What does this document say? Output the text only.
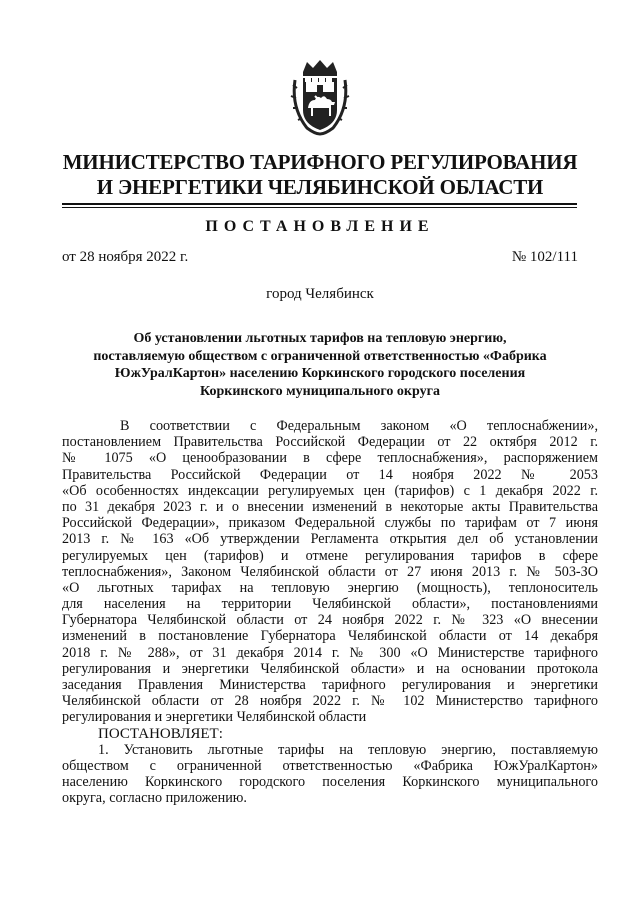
МИНИСТЕРСТВО ТАРИФНОГО РЕГУЛИРОВАНИЯ
И ЭНЕРГЕТИКИ ЧЕЛЯБИНСКОЙ ОБЛАСТИ
ПОСТАНОВЛЕНИЕ
от 28 ноября 2022 г.	№ 102/111
город Челябинск
Об установлении льготных тарифов на тепловую энергию,
поставляемую обществом с ограниченной ответственностью «Фабрика
ЮжУралКартон» населению Коркинского городского поселения
Коркинского муниципального округа
В соответствии с Федеральным законом «О теплоснабжении»,
постановлением Правительства Российской Федерации от 22 октября 2012 г.
№ 1075 «О ценообразовании в сфере теплоснабжения», распоряжением
Правительства Российской Федерации от 14 ноября 2022 № 2053
«Об особенностях индексации регулируемых цен (тарифов) с 1 декабря 2022 г.
по 31 декабря 2023 г. и о внесении изменений в некоторые акты Правительства
Российской Федерации», приказом Федеральной службы по тарифам от 7 июня
2013 г. № 163 «Об утверждении Регламента открытия дел об установлении
регулируемых цен (тарифов) и отмене регулирования тарифов в сфере
теплоснабжения», Законом Челябинской области от 27 июня 2013 г. № 503-ЗО
«О льготных тарифах на тепловую энергию (мощность), теплоноситель
для населения на территории Челябинской области», постановлениями
Губернатора Челябинской области от 24 ноября 2022 г. № 323 «О внесении
изменений в постановление Губернатора Челябинской области от 14 декабря
2018 г. № 288», от 31 декабря 2014 г. № 300 «О Министерстве тарифного
регулирования и энергетики Челябинской области» и на основании протокола
заседания Правления Министерства тарифного регулирования и энергетики
Челябинской области от 28 ноября 2022 г. № 102 Министерство тарифного
регулирования и энергетики Челябинской области
ПОСТАНОВЛЯЕТ:
1. Установить льготные тарифы на тепловую энергию, поставляемую
обществом с ограниченной ответственностью «Фабрика ЮжУралКартон»
населению Коркинского городского поселения Коркинского муниципального
округа, согласно приложению.
